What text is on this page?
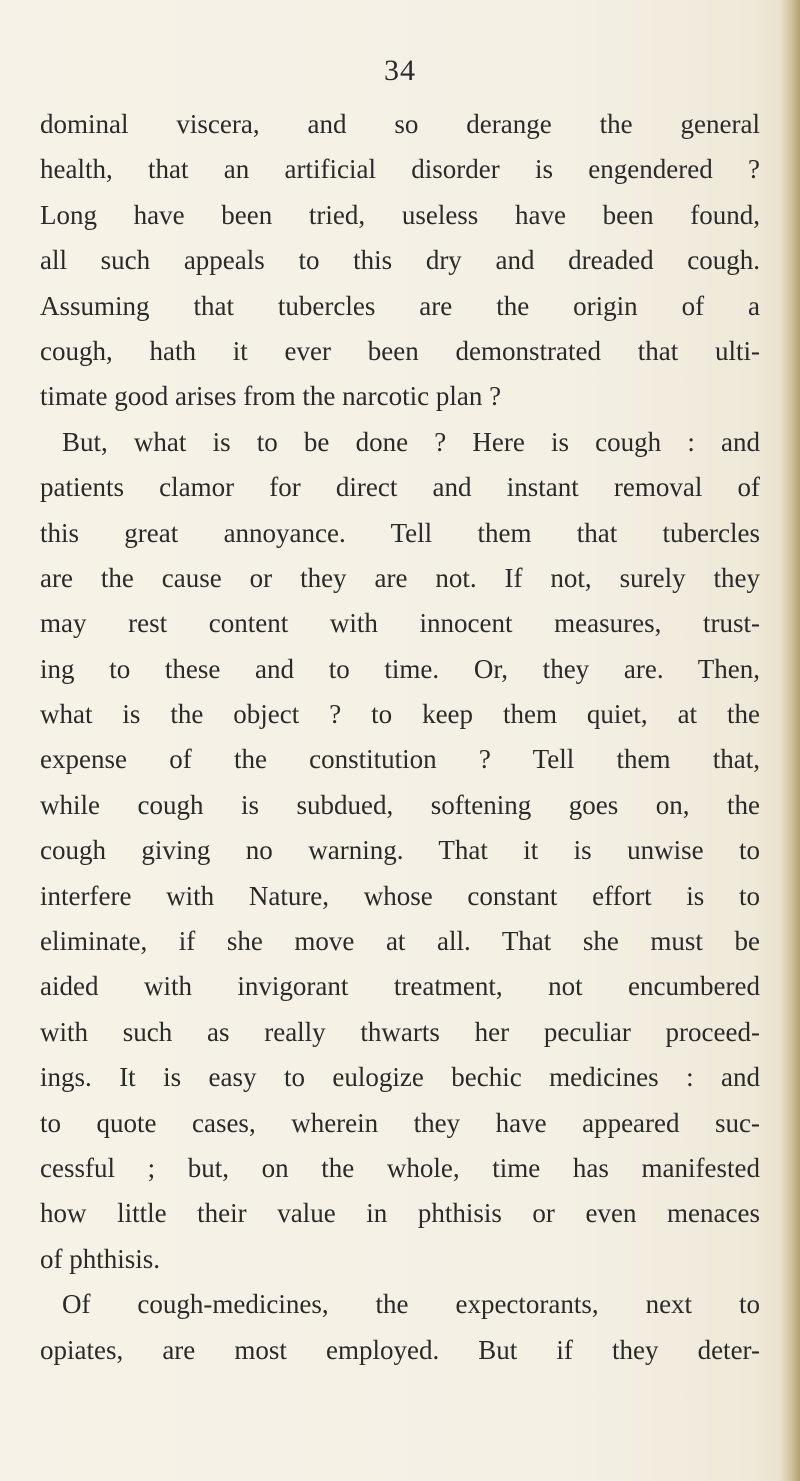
34
dominal viscera, and so derange the general
health, that an artificial disorder is engendered ?
Long have been tried, useless have been found,
all such appeals to this dry and dreaded cough.
Assuming that tubercles are the origin of a
cough, hath it ever been demonstrated that ulti-
timate good arises from the narcotic plan ?
But, what is to be done ? Here is cough : and
patients clamor for direct and instant removal of
this great annoyance. Tell them that tubercles
are the cause or they are not. If not, surely they
may rest content with innocent measures, trust-
ing to these and to time. Or, they are. Then,
what is the object ? to keep them quiet, at the
expense of the constitution ? Tell them that,
while cough is subdued, softening goes on, the
cough giving no warning. That it is unwise to
interfere with Nature, whose constant effort is to
eliminate, if she move at all. That she must be
aided with invigorant treatment, not encumbered
with such as really thwarts her peculiar proceed-
ings. It is easy to eulogize bechic medicines : and
to quote cases, wherein they have appeared suc-
cessful ; but, on the whole, time has manifested
how little their value in phthisis or even menaces
of phthisis.
Of cough-medicines, the expectorants, next to
opiates, are most employed. But if they deter-
